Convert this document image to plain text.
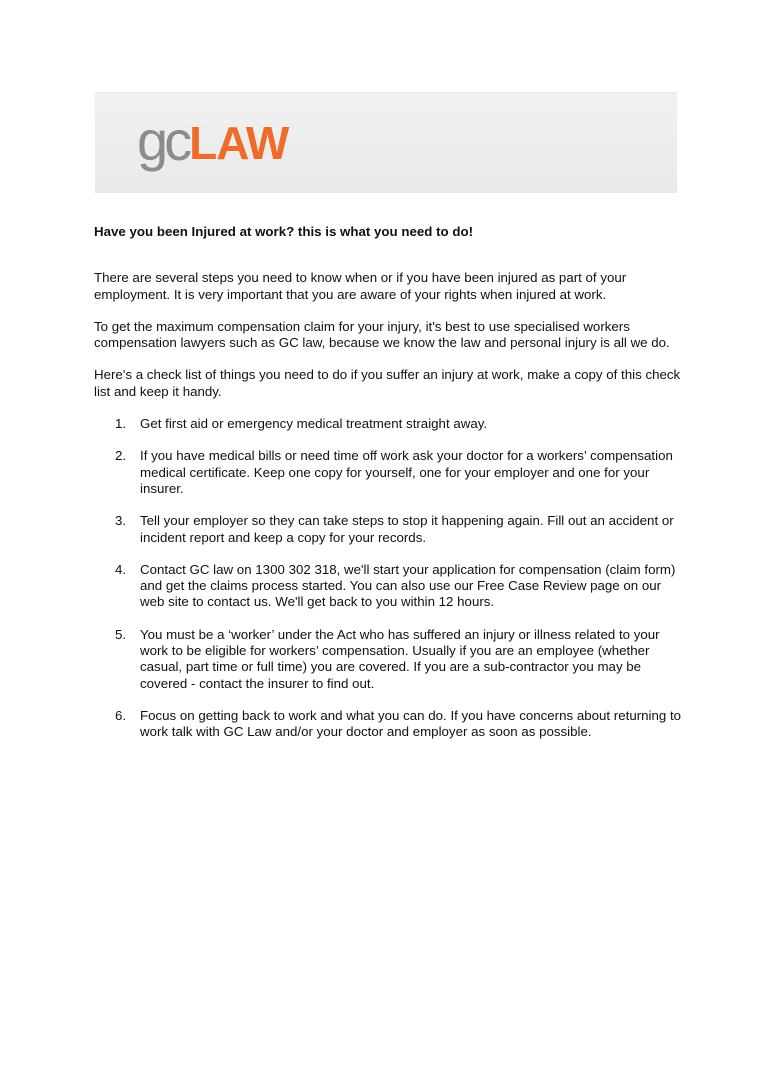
gc LAW

Have you been Injured at work? this is what you need to do!

There are several steps you need to know when or if you have been injured as part of your employment. It is very important that you are aware of your rights when injured at work.

To get the maximum compensation claim for your injury, it's best to use specialised workers compensation lawyers such as GC law, because we know the law and personal injury is all we do.

Here's a check list of things you need to do if you suffer an injury at work, make a copy of this check list and keep it handy.

1. Get first aid or emergency medical treatment straight away.
2. If you have medical bills or need time off work ask your doctor for a workers’ compensation medical certificate. Keep one copy for yourself, one for your employer and one for your insurer.
3. Tell your employer so they can take steps to stop it happening again. Fill out an accident or incident report and keep a copy for your records.
4. Contact GC law on 1300 302 318, we'll start your application for compensation (claim form) and get the claims process started. You can also use our Free Case Review page on our web site to contact us. We'll get back to you within 12 hours.
5. You must be a ‘worker’ under the Act who has suffered an injury or illness related to your work to be eligible for workers’ compensation. Usually if you are an employee (whether casual, part time or full time) you are covered. If you are a sub-contractor you may be covered - contact the insurer to find out.
6. Focus on getting back to work and what you can do. If you have concerns about returning to work talk with GC Law and/or your doctor and employer as soon as possible.
